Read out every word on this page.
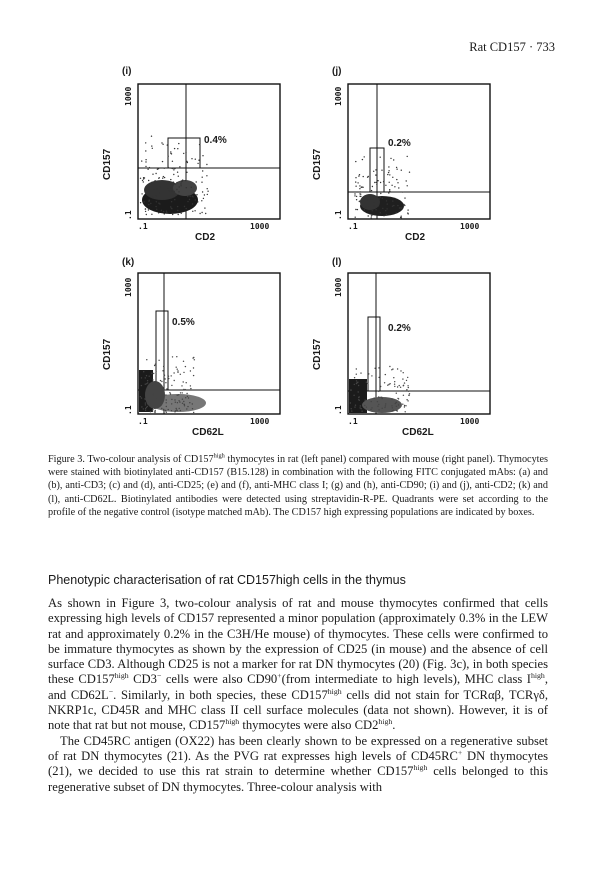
Rat CD157 · 733
(i)
0.4%
CD157
1000
.1
.1
CD2
1000
(j)
0.2%
CD157
1000
.1
.1
CD2
1000
(k)
0.5%
CD157
1000
.1
.1
CD62L
1000
(l)
0.2%
CD157
1000
.1
.1
CD62L
1000
Figure 3. Two-colour analysis of $CD157^{high}$ thymocytes in rat (left panel) compared with mouse (right panel). Thymocytes were stained with biotinylated anti-CD157 (B15.128) in combination with the following FITC conjugated mAbs: (a) and (b), anti-CD3; (c) and (d), anti-CD25; (e) and (f), anti-MHC class I; (g) and (h), anti-CD90; (i) and (j), anti-CD2; (k) and (l), anti-CD62L. Biotinylated antibodies were detected using streptavidin-R-PE. Quadrants were set according to the profile of the negative control (isotype matched mAb). The CD157 high expressing populations are indicated by boxes.
Phenotypic characterisation of rat CD157high cells in the thymus

As shown in Figure 3, two-colour analysis of rat and mouse thymocytes confirmed that cells expressing high levels of CD157 represented a minor population (approximately 0.3% in the LEW rat and approximately 0.2% in the C3H/He mouse) of thymocytes. These cells were confirmed to be immature thymocytes as shown by the expression of CD25 (in mouse) and the absence of cell surface CD3. Although CD25 is not a marker for rat DN thymocytes (20) (Fig. 3c), in both species these $CD157^{high}$ CD3− cells were also CD90+(from intermediate to high levels), MHC class $I^{high}$, and CD62L−. Similarly, in both species, these $CD157^{high}$ cells did not stain for TCRαβ, TCRγδ, NKRP1c, CD45R and MHC class II cell surface molecules (data not shown). However, it is of note that rat but not mouse, $CD157^{high}$ thymocytes were also $CD2^{high}$.

The CD45RC antigen (OX22) has been clearly shown to be expressed on a regenerative subset of rat DN thymocytes (21). As the PVG rat expresses high levels of CD45RC+ DN thymocytes (21), we decided to use this rat strain to determine whether $CD157^{high}$ cells belonged to this regenerative subset of DN thymocytes. Three-colour analysis with
